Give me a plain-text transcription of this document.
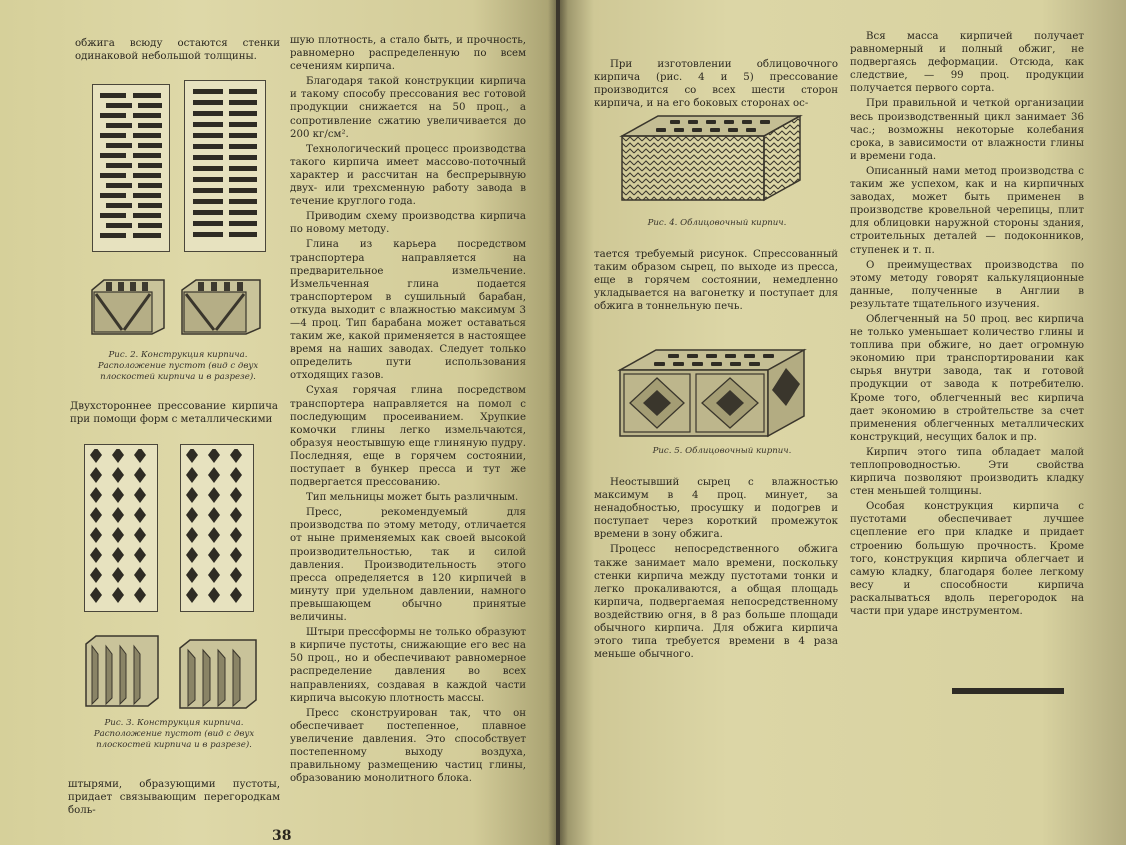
обжига всюду остаются стенки одинаковой небольшой толщины.

Рис. 2. Конструкция кирпича. Расположение пустот (вид с двух плоскостей кирпича и в разрезе).

Двухстороннее прессование кирпича при помощи форм с металлическими

Рис. 3. Конструкция кирпича. Расположение пустот (вид с двух плоскостей кирпича и в разрезе).

штырями, образующими пустоты, придает связывающим перегородкам боль-

шую плотность, а стало быть, и прочность, равномерно распределенную по всем сечениям кирпича.

Благодаря такой конструкции кирпича и такому способу прессования вес готовой продукции снижается на 50 проц., а сопротивление сжатию увеличивается до 200 кг/см².

Технологический процесс производства такого кирпича имеет массово-поточный характер и рассчитан на беспрерывную двух- или трехсменную работу завода в течение круглого года.

Приводим схему производства кирпича по новому методу.

Глина из карьера посредством транспортера направляется на предварительное измельчение. Измельченная глина подается транспортером в сушильный барабан, откуда выходит с влажностью максимум 3—4 проц. Тип барабана может оставаться таким же, какой применяется в настоящее время на наших заводах. Следует только определить пути использования отходящих газов.

Сухая горячая глина посредством транспортера направляется на помол с последующим просеиванием. Хрупкие комочки глины легко измельчаются, образуя неостывшую еще глиняную пудру. Последняя, еще в горячем состоянии, поступает в бункер пресса и тут же подвергается прессованию.

Тип мельницы может быть различным.

Пресс, рекомендуемый для производства по этому методу, отличается от ныне применяемых как своей высокой производительностью, так и силой давления. Производительность этого пресса определяется в 120 кирпичей в минуту при удельном давлении, намного превышающем обычно принятые величины.

Штыри прессформы не только образуют в кирпиче пустоты, снижающие его вес на 50 проц., но и обеспечивают равномерное распределение давления во всех направлениях, создавая в каждой части кирпича высокую плотность массы.

Пресс сконструирован так, что он обеспечивает постепенное, плавное увеличение давления. Это способствует постепенному выходу воздуха, правильному размещению частиц глины, образованию монолитного блока.

38

При изготовлении облицовочного кирпича (рис. 4 и 5) прессование производится со всех шести сторон кирпича, и на его боковых сторонах ос-

Рис. 4. Облицовочный кирпич.

тается требуемый рисунок. Спрессованный таким образом сырец, по выходе из пресса, еще в горячем состоянии, немедленно укладывается на вагонетку и поступает для обжига в тоннельную печь.

Рис. 5. Облицовочный кирпич.

Неостывший сырец с влажностью максимум в 4 проц. минует, за ненадобностью, просушку и подогрев и поступает через короткий промежуток времени в зону обжига.

Процесс непосредственного обжига также занимает мало времени, поскольку стенки кирпича между пустотами тонки и легко прокаливаются, а общая площадь кирпича, подвергаемая непосредственному воздействию огня, в 8 раз больше площади обычного кирпича. Для обжига кирпича этого типа требуется времени в 4 раза меньше обычного.

Вся масса кирпичей получает равномерный и полный обжиг, не подвергаясь деформации. Отсюда, как следствие, — 99 проц. продукции получается первого сорта.

При правильной и четкой организации весь производственный цикл занимает 36 час.; возможны некоторые колебания срока, в зависимости от влажности глины и времени года.

Описанный нами метод производства с таким же успехом, как и на кирпичных заводах, может быть применен в производстве кровельной черепицы, плит для облицовки наружной стороны здания, строительных деталей — подоконников, ступенек и т. п.

О преимуществах производства по этому методу говорят калькуляционные данные, полученные в Англии в результате тщательного изучения.

Облегченный на 50 проц. вес кирпича не только уменьшает количество глины и топлива при обжиге, но дает огромную экономию при транспортировании как сырья внутри завода, так и готовой продукции от завода к потребителю. Кроме того, облегченный вес кирпича дает экономию в стройтельстве за счет применения облегченных металлических конструкций, несущих балок и пр.

Кирпич этого типа обладает малой теплопроводностью. Эти свойства кирпича позволяют производить кладку стен меньшей толщины.

Особая конструкция кирпича с пустотами обеспечивает лучшее сцепление его при кладке и придает строению большую прочность. Кроме того, конструкция кирпича облегчает и самую кладку, благодаря более легкому весу и способности кирпича раскалываться вдоль перегородок на части при ударе инструментом.
